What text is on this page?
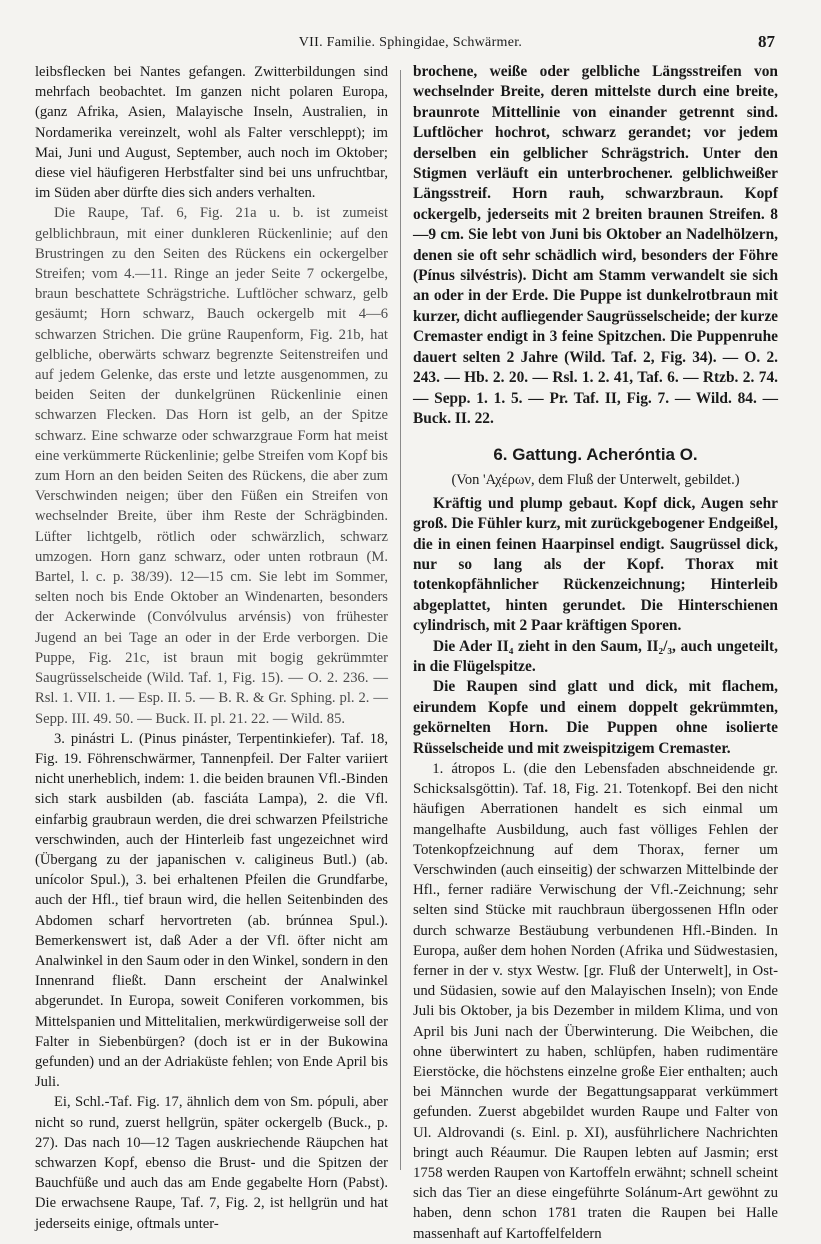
VII. Familie. Sphingidae, Schwärmer.	87

leibsflecken bei Nantes gefangen. Zwitterbildungen sind mehrfach beobachtet. Im ganzen nicht polaren Europa, (ganz Afrika, Asien, Malayische Inseln, Australien, in Nordamerika vereinzelt, wohl als Falter verschleppt); im Mai, Juni und August, September, auch noch im Oktober; diese viel häufigeren Herbstfalter sind bei uns unfruchtbar, im Süden aber dürfte dies sich anders verhalten.

Die Raupe, Taf. 6, Fig. 21a u. b. ist zumeist gelblichbraun, mit einer dunkleren Rückenlinie; auf den Brustringen zu den Seiten des Rückens ein ockergelber Streifen; vom 4.—11. Ringe an jeder Seite 7 ockergelbe, braun beschattete Schrägstriche. Luftlöcher schwarz, gelb gesäumt; Horn schwarz, Bauch ockergelb mit 4—6 schwarzen Strichen. Die grüne Raupenform, Fig. 21b, hat gelbliche, oberwärts schwarz begrenzte Seitenstreifen und auf jedem Gelenke, das erste und letzte ausgenommen, zu beiden Seiten der dunkelgrünen Rückenlinie einen schwarzen Flecken. Das Horn ist gelb, an der Spitze schwarz. Eine schwarze oder schwarzgraue Form hat meist eine verkümmerte Rückenlinie; gelbe Streifen vom Kopf bis zum Horn an den beiden Seiten des Rückens, die aber zum Verschwinden neigen; über den Füßen ein Streifen von wechselnder Breite, über ihm Reste der Schrägbinden. Lüfter lichtgelb, rötlich oder schwärzlich, schwarz umzogen. Horn ganz schwarz, oder unten rotbraun (M. Bartel, l. c. p. 38/39). 12—15 cm. Sie lebt im Sommer, selten noch bis Ende Oktober an Windenarten, besonders der Ackerwinde (Convólvulus arvénsis) von frühester Jugend an bei Tage an oder in der Erde verborgen. Die Puppe, Fig. 21c, ist braun mit bogig gekrümmter Saugrüsselscheide (Wild. Taf. 1, Fig. 15). — O. 2. 236. — Rsl. 1. VII. 1. — Esp. II. 5. — B. R. & Gr. Sphing. pl. 2. — Sepp. III. 49. 50. — Buck. II. pl. 21. 22. — Wild. 85.

3. pinástri L. (Pinus pináster, Terpentinkiefer). Taf. 18, Fig. 19. Föhrenschwärmer, Tannenpfeil. Der Falter variiert nicht unerheblich, indem: 1. die beiden braunen Vfl.-Binden sich stark ausbilden (ab. fasciáta Lampa), 2. die Vfl. einfarbig graubraun werden, die drei schwarzen Pfeilstriche verschwinden, auch der Hinterleib fast ungezeichnet wird (Übergang zu der japanischen v. caligineus Butl.) (ab. unícolor Spul.), 3. bei erhaltenen Pfeilen die Grundfarbe, auch der Hfl., tief braun wird, die hellen Seitenbinden des Abdomen scharf hervortreten (ab. brúnnea Spul.). Bemerkenswert ist, daß Ader a der Vfl. öfter nicht am Analwinkel in den Saum oder in den Winkel, sondern in den Innenrand fließt. Dann erscheint der Analwinkel abgerundet. In Europa, soweit Coniferen vorkommen, bis Mittelspanien und Mittelitalien, merkwürdigerweise soll der Falter in Siebenbürgen? (doch ist er in der Bukowina gefunden) und an der Adriaküste fehlen; von Ende April bis Juli.

Ei, Schl.-Taf. Fig. 17, ähnlich dem von Sm. pópuli, aber nicht so rund, zuerst hellgrün, später ockergelb (Buck., p. 27). Das nach 10—12 Tagen auskriechende Räupchen hat schwarzen Kopf, ebenso die Brust- und die Spitzen der Bauchfüße und auch das am Ende gegabelte Horn (Pabst). Die erwachsene Raupe, Taf. 7, Fig. 2, ist hellgrün und hat jederseits einige, oftmals unter-

brochene, weiße oder gelbliche Längsstreifen von wechselnder Breite, deren mittelste durch eine breite, braunrote Mittellinie von einander getrennt sind. Luftlöcher hochrot, schwarz gerandet; vor jedem derselben ein gelblicher Schrägstrich. Unter den Stigmen verläuft ein unterbrochener. gelblichweißer Längsstreif. Horn rauh, schwarzbraun. Kopf ockergelb, jederseits mit 2 breiten braunen Streifen. 8—9 cm. Sie lebt von Juni bis Oktober an Nadelhölzern, denen sie oft sehr schädlich wird, besonders der Föhre (Pínus silvéstris). Dicht am Stamm verwandelt sie sich an oder in der Erde. Die Puppe ist dunkelrotbraun mit kurzer, dicht aufliegender Saugrüsselscheide; der kurze Cremaster endigt in 3 feine Spitzchen. Die Puppenruhe dauert selten 2 Jahre (Wild. Taf. 2, Fig. 34). — O. 2. 243. — Hb. 2. 20. — Rsl. 1. 2. 41, Taf. 6. — Rtzb. 2. 74. — Sepp. 1. 1. 5. — Pr. Taf. II, Fig. 7. — Wild. 84. — Buck. II. 22.

6. Gattung. Acheróntia O.
(Von 'Αχέρων, dem Fluß der Unterwelt, gebildet.)

Kräftig und plump gebaut. Kopf dick, Augen sehr groß. Die Fühler kurz, mit zurückgebogener Endgeißel, die in einen feinen Haarpinsel endigt. Saugrüssel dick, nur so lang als der Kopf. Thorax mit totenkopfähnlicher Rückenzeichnung; Hinterleib abgeplattet, hinten gerundet. Die Hinterschienen cylindrisch, mit 2 Paar kräftigen Sporen.

Die Ader II₄ zieht in den Saum, II₂/₃, auch ungeteilt, in die Flügelspitze.

Die Raupen sind glatt und dick, mit flachem, eirundem Kopfe und einem doppelt gekrümmten, gekörnelten Horn. Die Puppen ohne isolierte Rüsselscheide und mit zweispitzigem Cremaster.

1. átropos L. (die den Lebensfaden abschneidende gr. Schicksalsgöttin). Taf. 18, Fig. 21. Totenkopf. Bei den nicht häufigen Aberrationen handelt es sich einmal um mangelhafte Ausbildung, auch fast völliges Fehlen der Totenkopfzeichnung auf dem Thorax, ferner um Verschwinden (auch einseitig) der schwarzen Mittelbinde der Hfl., ferner radiäre Verwischung der Vfl.-Zeichnung; sehr selten sind Stücke mit rauchbraun übergossenen Hfln oder durch schwarze Bestäubung verbundenen Hfl.-Binden. In Europa, außer dem hohen Norden (Afrika und Südwestasien, ferner in der v. styx Westw. [gr. Fluß der Unterwelt], in Ost- und Südasien, sowie auf den Malayischen Inseln); von Ende Juli bis Oktober, ja bis Dezember in mildem Klima, und von April bis Juni nach der Überwinterung. Die Weibchen, die ohne überwintert zu haben, schlüpfen, haben rudimentäre Eierstöcke, die höchstens einzelne große Eier enthalten; auch bei Männchen wurde der Begattungsapparat verkümmert gefunden. Zuerst abgebildet wurden Raupe und Falter von Ul. Aldrovandi (s. Einl. p. XI), ausführlichere Nachrichten bringt auch Réaumur. Die Raupen lebten auf Jasmin; erst 1758 werden Raupen von Kartoffeln erwähnt; schnell scheint sich das Tier an diese eingeführte Solánum-Art gewöhnt zu haben, denn schon 1781 traten die Raupen bei Halle massenhaft auf Kartoffelfeldern
